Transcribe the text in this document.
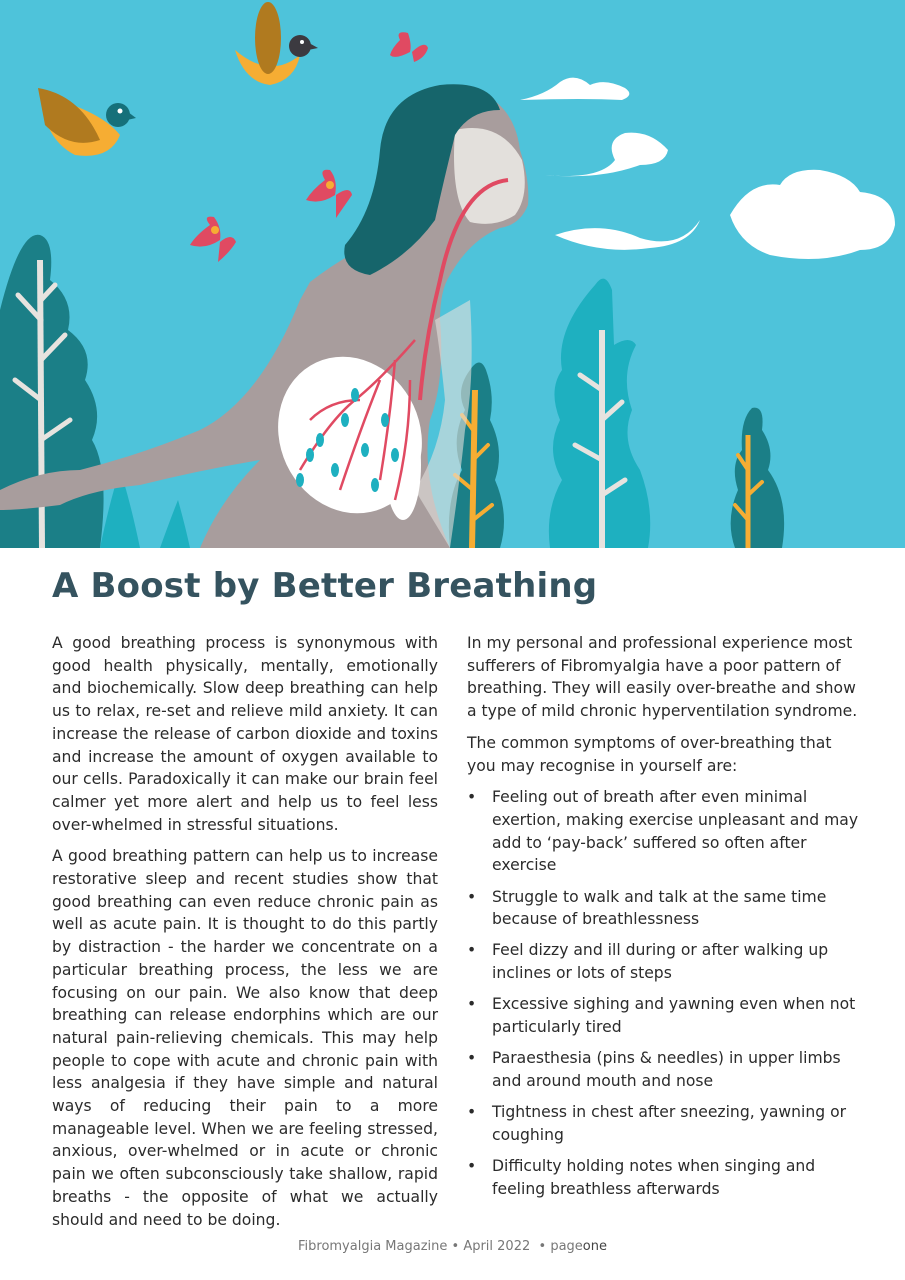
A Boost by Better Breathing

A good breathing process is synonymous with good health physically, mentally, emotionally and biochemically. Slow deep breathing can help us to relax, re-set and relieve mild anxiety. It can increase the release of carbon dioxide and toxins and increase the amount of oxygen available to our cells. Paradoxically it can make our brain feel calmer yet more alert and help us to feel less over-whelmed in stressful situations.

A good breathing pattern can help us to increase restorative sleep and recent studies show that good breathing can even reduce chronic pain as well as acute pain. It is thought to do this partly by distraction - the harder we concentrate on a particular breathing process, the less we are focusing on our pain. We also know that deep breathing can release endorphins which are our natural pain-relieving chemicals. This may help people to cope with acute and chronic pain with less analgesia if they have simple and natural ways of reducing their pain to a more manageable level. When we are feeling stressed, anxious, over-whelmed or in acute or chronic pain we often subconsciously take shallow, rapid breaths - the opposite of what we actually should and need to be doing.

In my personal and professional experience most sufferers of Fibromyalgia have a poor pattern of breathing. They will easily over-breathe and show a type of mild chronic hyperventilation syndrome.

The common symptoms of over-breathing that you may recognise in yourself are:

• Feeling out of breath after even minimal exertion, making exercise unpleasant and may add to ‘pay-back’ suffered so often after exercise
• Struggle to walk and talk at the same time because of breathlessness
• Feel dizzy and ill during or after walking up inclines or lots of steps
• Excessive sighing and yawning even when not particularly tired
• Paraesthesia (pins & needles) in upper limbs and around mouth and nose
• Tightness in chest after sneezing, yawning or coughing
• Difficulty holding notes when singing and feeling breathless afterwards
Fibromyalgia Magazine • April 2022  • pageone
